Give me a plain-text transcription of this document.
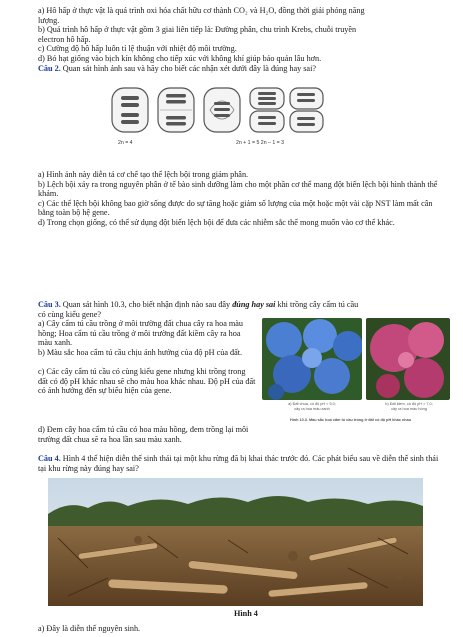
a) Hô hấp ở thực vật là quá trình oxi hóa chất hữu cơ thành CO₂ và H₂O, đồng thời giải phóng năng
lượng.
b) Quá trình hô hấp ở thực vật gồm 3 giai liên tiếp là: Đường phân, chu trình Krebs, chuỗi truyền
electron hô hấp.
c) Cường độ hô hấp luôn tỉ lệ thuận với nhiệt độ môi trường.
d) Bó hạt giống vào bịch kín không cho tiếp xúc với không khí giúp bảo quản lâu hơn.
Câu 2. Quan sát hình ảnh sau và hãy cho biết các nhận xét dưới đây là đúng hay sai?
2n = 4	2n + 1 = 5 2n – 1 = 3
a) Hình ảnh này diễn tả cơ chế tạo thể lệch bội trong giảm phân.
b) Lệch bội xảy ra trong nguyên phân ở tế bào sinh dưỡng làm cho một phần cơ thể mang đột biến lệch bội hình thành thể khảm.
c) Các thể lệch bội không bao giờ sống được do sự tăng hoặc giảm số lượng của một hoặc một vài cặp NST làm mất cân bằng toàn bộ hệ gene.
d) Trong chọn giống, có thể sử dụng đột biến lệch bội để đưa các nhiễm sắc thể mong muốn vào cơ thể khác.
Câu 3. Quan sát hình 10.3, cho biết nhận định nào sau đây đúng hay sai khi trồng cây cẩm tú cầu
có cùng kiểu gene?
a) Cây cẩm tú cầu trồng ở môi trường đất chua cây ra hoa màu hồng; Hoa cẩm tú cầu trồng ở môi trường đất kiềm cây ra hoa màu xanh.
b) Màu sắc hoa cẩm tú cầu chịu ảnh hưởng của độ pH của đất.
c) Các cây cẩm tú cầu có cùng kiểu gene nhưng khi trồng trong đất có độ pH khác nhau sẽ cho màu hoa khác nhau. Độ pH của đất có ảnh hưởng đến sự biểu hiện của gene.
d) Đem cây hoa cẩm tú cầu có hoa màu hồng, đem trồng lại môi trường đất chua sẽ ra hoa lần sau màu xanh.
a) Đất chua, có độ pH < 5,0;
cây ra hoa màu xanh
b) Đất kiềm, có độ pH > 7,0;
cây ra hoa màu hồng
Hình 10.3. Màu sắc hoa cẩm tú cầu trồng ở đất có độ pH khác nhau
Câu 4. Hình 4 thể hiện diễn thế sinh thái tại một khu rừng đã bị khai thác trước đó. Các phát biểu sau về diễn thế sinh thái tại khu rừng này đúng hay sai?
Hình 4
a) Đây là diễn thế nguyên sinh.
